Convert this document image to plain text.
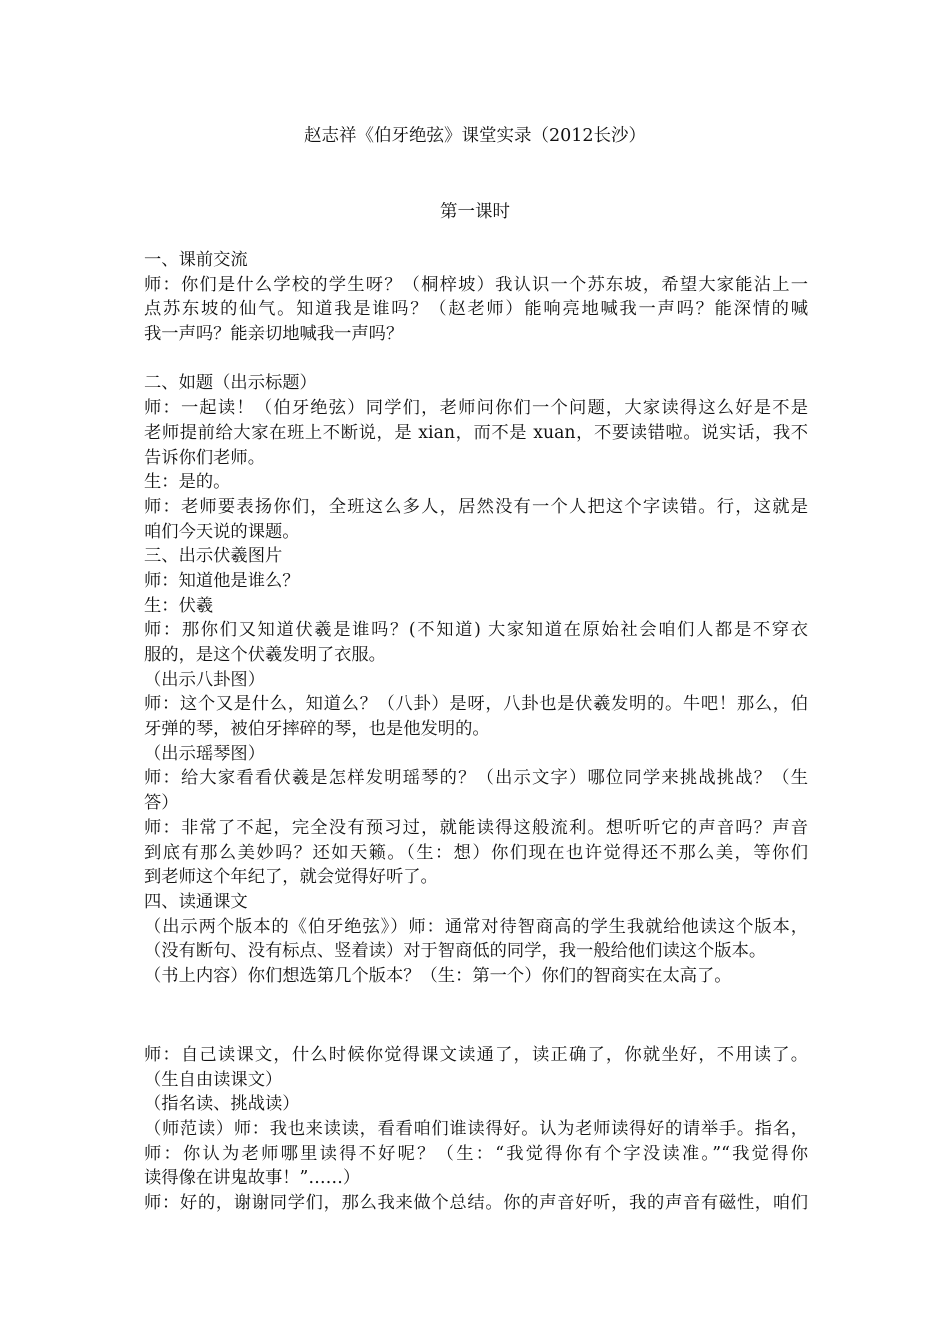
赵志祥《伯牙绝弦》课堂实录（2012长沙）
第一课时
一、课前交流
师：你们是什么学校的学生呀？（桐梓坡）我认识一个苏东坡，希望大家能沾上一
点苏东坡的仙气。知道我是谁吗？（赵老师）能响亮地喊我一声吗？能深情的喊
我一声吗？能亲切地喊我一声吗？
二、如题（出示标题）
师：一起读！（伯牙绝弦）同学们，老师问你们一个问题，大家读得这么好是不是
老师提前给大家在班上不断说，是 xian，而不是 xuan，不要读错啦。说实话，我不
告诉你们老师。
生：是的。
师：老师要表扬你们，全班这么多人，居然没有一个人把这个字读错。行，这就是
咱们今天说的课题。
三、出示伏羲图片
师：知道他是谁么？
生：伏羲
师：那你们又知道伏羲是谁吗？(不知道) 大家知道在原始社会咱们人都是不穿衣
服的，是这个伏羲发明了衣服。
（出示八卦图）
师：这个又是什么，知道么？（八卦）是呀，八卦也是伏羲发明的。牛吧！那么，伯
牙弹的琴，被伯牙摔碎的琴，也是他发明的。
（出示瑶琴图）
师：给大家看看伏羲是怎样发明瑶琴的？（出示文字）哪位同学来挑战挑战？（生
答）
师：非常了不起，完全没有预习过，就能读得这般流利。想听听它的声音吗？声音
到底有那么美妙吗？还如天籁。（生：想）你们现在也许觉得还不那么美，等你们
到老师这个年纪了，就会觉得好听了。
四、读通课文
（出示两个版本的《伯牙绝弦》）师：通常对待智商高的学生我就给他读这个版本，
（没有断句、没有标点、竖着读）对于智商低的同学，我一般给他们读这个版本。
（书上内容）你们想选第几个版本？（生：第一个）你们的智商实在太高了。
师：自己读课文，什么时候你觉得课文读通了，读正确了，你就坐好，不用读了。
（生自由读课文）
（指名读、挑战读）
（师范读）师：我也来读读，看看咱们谁读得好。认为老师读得好的请举手。指名，
师：你认为老师哪里读得不好呢？（生：“我觉得你有个字没读准。”“我觉得你
读得像在讲鬼故事！”……）
师：好的，谢谢同学们，那么我来做个总结。你的声音好听，我的声音有磁性，咱们
